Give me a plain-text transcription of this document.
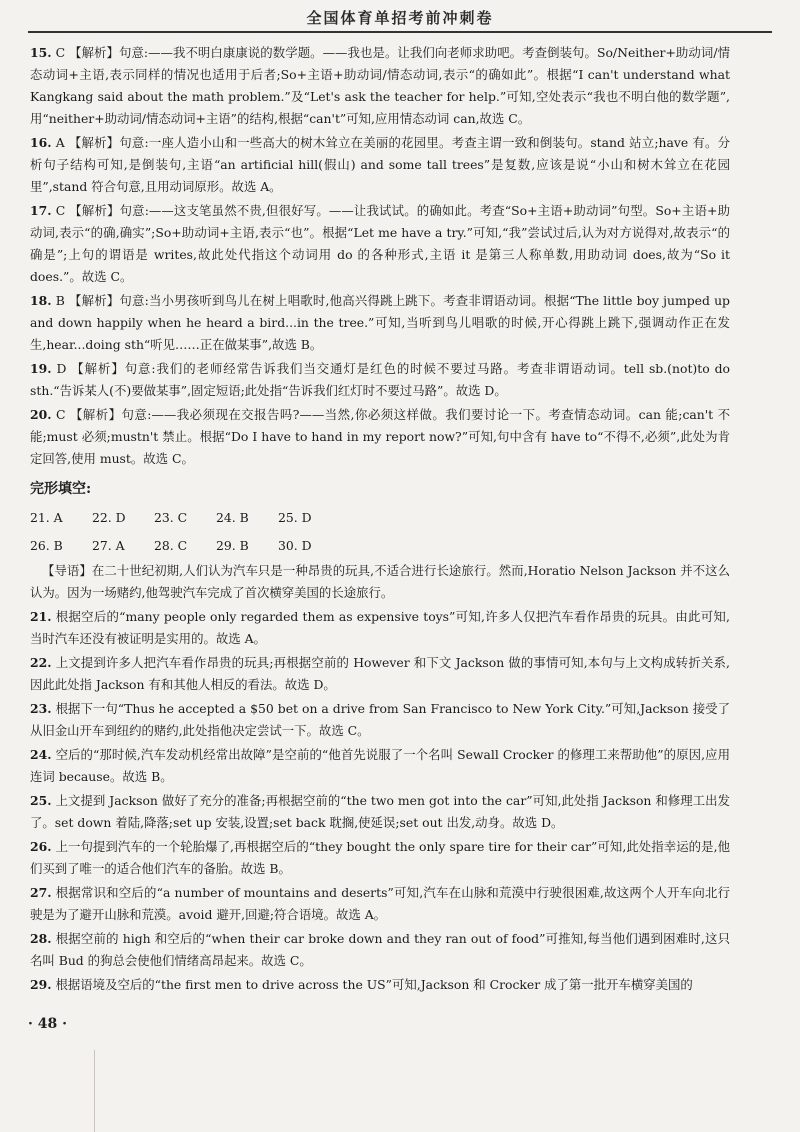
全国体育单招考前冲刺卷
15. C 【解析】句意:——我不明白康康说的数学题。——我也是。让我们向老师求助吧。考查倒装句。So/Neither+助动词/情态动词+主语,表示同样的情况也适用于后者;So+主语+助动词/情态动词,表示“的确如此”。根据“I can't understand what Kangkang said about the math problem.”及“Let's ask the teacher for help.”可知,空处表示“我也不明白他的数学题”,用“neither+助动词/情态动词+主语”的结构,根据“can't”可知,应用情态动词 can,故选 C。
16. A 【解析】句意:一座人造小山和一些高大的树木耸立在美丽的花园里。考查主谓一致和倒装句。stand 站立;have 有。分析句子结构可知,是倒装句,主语“an artificial hill(假山) and some tall trees”是复数,应该是说“小山和树木耸立在花园里”,stand 符合句意,且用动词原形。故选 A。
17. C 【解析】句意:——这支笔虽然不贵,但很好写。——让我试试。的确如此。考查“So+主语+助动词”句型。So+主语+助动词,表示“的确,确实”;So+助动词+主语,表示“也”。根据“Let me have a try.”可知,“我”尝试过后,认为对方说得对,故表示“的确是”;上句的谓语是 writes,故此处代指这个动词用 do 的各种形式,主语 it 是第三人称单数,用助动词 does,故为“So it does.”。故选 C。
18. B 【解析】句意:当小男孩听到鸟儿在树上唱歌时,他高兴得跳上跳下。考查非谓语动词。根据“The little boy jumped up and down happily when he heard a bird...in the tree.”可知,当听到鸟儿唱歌的时候,开心得跳上跳下,强调动作正在发生,hear...doing sth“听见……正在做某事”,故选 B。
19. D 【解析】句意:我们的老师经常告诉我们当交通灯是红色的时候不要过马路。考查非谓语动词。tell sb.(not)to do sth.“告诉某人(不)要做某事”,固定短语;此处指“告诉我们红灯时不要过马路”。故选 D。
20. C 【解析】句意:——我必须现在交报告吗?——当然,你必须这样做。我们要讨论一下。考查情态动词。can 能;can't 不能;must 必须;mustn't 禁止。根据“Do I have to hand in my report now?”可知,句中含有 have to“不得不,必须”,此处为肯定回答,使用 must。故选 C。
完形填空:
21. A	22. D	23. C	24. B	25. D
26. B	27. A	28. C	29. B	30. D
【导语】在二十世纪初期,人们认为汽车只是一种昂贵的玩具,不适合进行长途旅行。然而,Horatio Nelson Jackson 并不这么认为。因为一场赌约,他驾驶汽车完成了首次横穿美国的长途旅行。
21. 根据空后的“many people only regarded them as expensive toys”可知,许多人仅把汽车看作昂贵的玩具。由此可知,当时汽车还没有被证明是实用的。故选 A。
22. 上文提到许多人把汽车看作昂贵的玩具;再根据空前的 However 和下文 Jackson 做的事情可知,本句与上文构成转折关系,因此此处指 Jackson 有和其他人相反的看法。故选 D。
23. 根据下一句“Thus he accepted a $50 bet on a drive from San Francisco to New York City.”可知,Jackson 接受了从旧金山开车到纽约的赌约,此处指他决定尝试一下。故选 C。
24. 空后的“那时候,汽车发动机经常出故障”是空前的“他首先说服了一个名叫 Sewall Crocker 的修理工来帮助他”的原因,应用连词 because。故选 B。
25. 上文提到 Jackson 做好了充分的准备;再根据空前的“the two men got into the car”可知,此处指 Jackson 和修理工出发了。set down 着陆,降落;set up 安装,设置;set back 耽搁,使延误;set out 出发,动身。故选 D。
26. 上一句提到汽车的一个轮胎爆了,再根据空后的“they bought the only spare tire for their car”可知,此处指幸运的是,他们买到了唯一的适合他们汽车的备胎。故选 B。
27. 根据常识和空后的“a number of mountains and deserts”可知,汽车在山脉和荒漠中行驶很困难,故这两个人开车向北行驶是为了避开山脉和荒漠。avoid 避开,回避;符合语境。故选 A。
28. 根据空前的 high 和空后的“when their car broke down and they ran out of food”可推知,每当他们遇到困难时,这只名叫 Bud 的狗总会使他们情绪高昂起来。故选 C。
29. 根据语境及空后的“the first men to drive across the US”可知,Jackson 和 Crocker 成了第一批开车横穿美国的
· 48 ·
